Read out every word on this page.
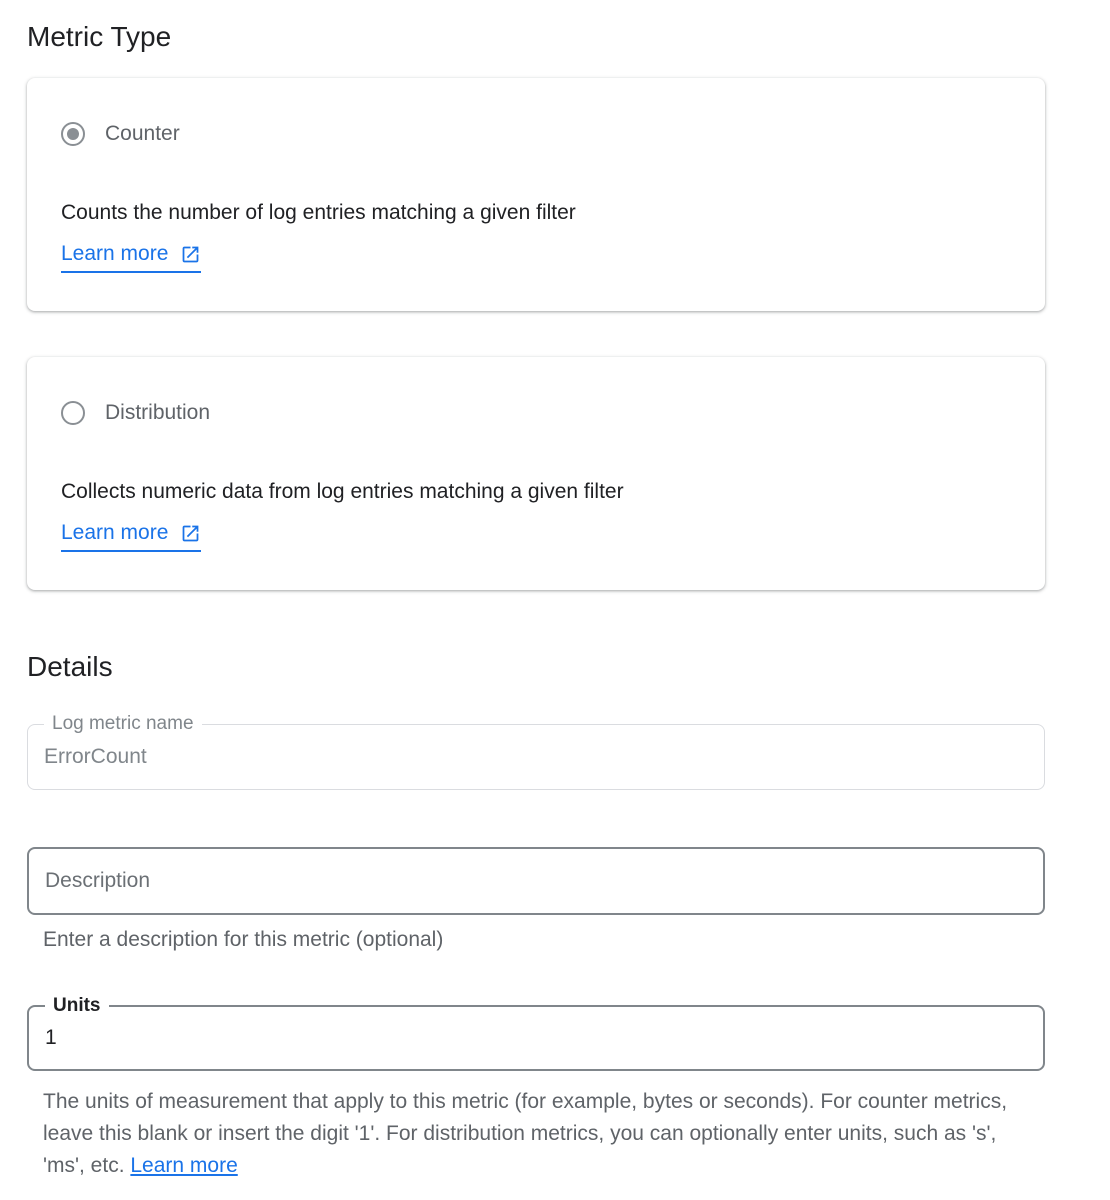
Metric Type
Counter

Counts the number of log entries matching a given filter

Learn more
Distribution

Collects numeric data from log entries matching a given filter

Learn more
Details
Log metric name
ErrorCount
Description

Enter a description for this metric (optional)

Units
1

The units of measurement that apply to this metric (for example, bytes or seconds). For counter metrics, leave this blank or insert the digit '1'. For distribution metrics, you can optionally enter units, such as 's', 'ms', etc. Learn more
